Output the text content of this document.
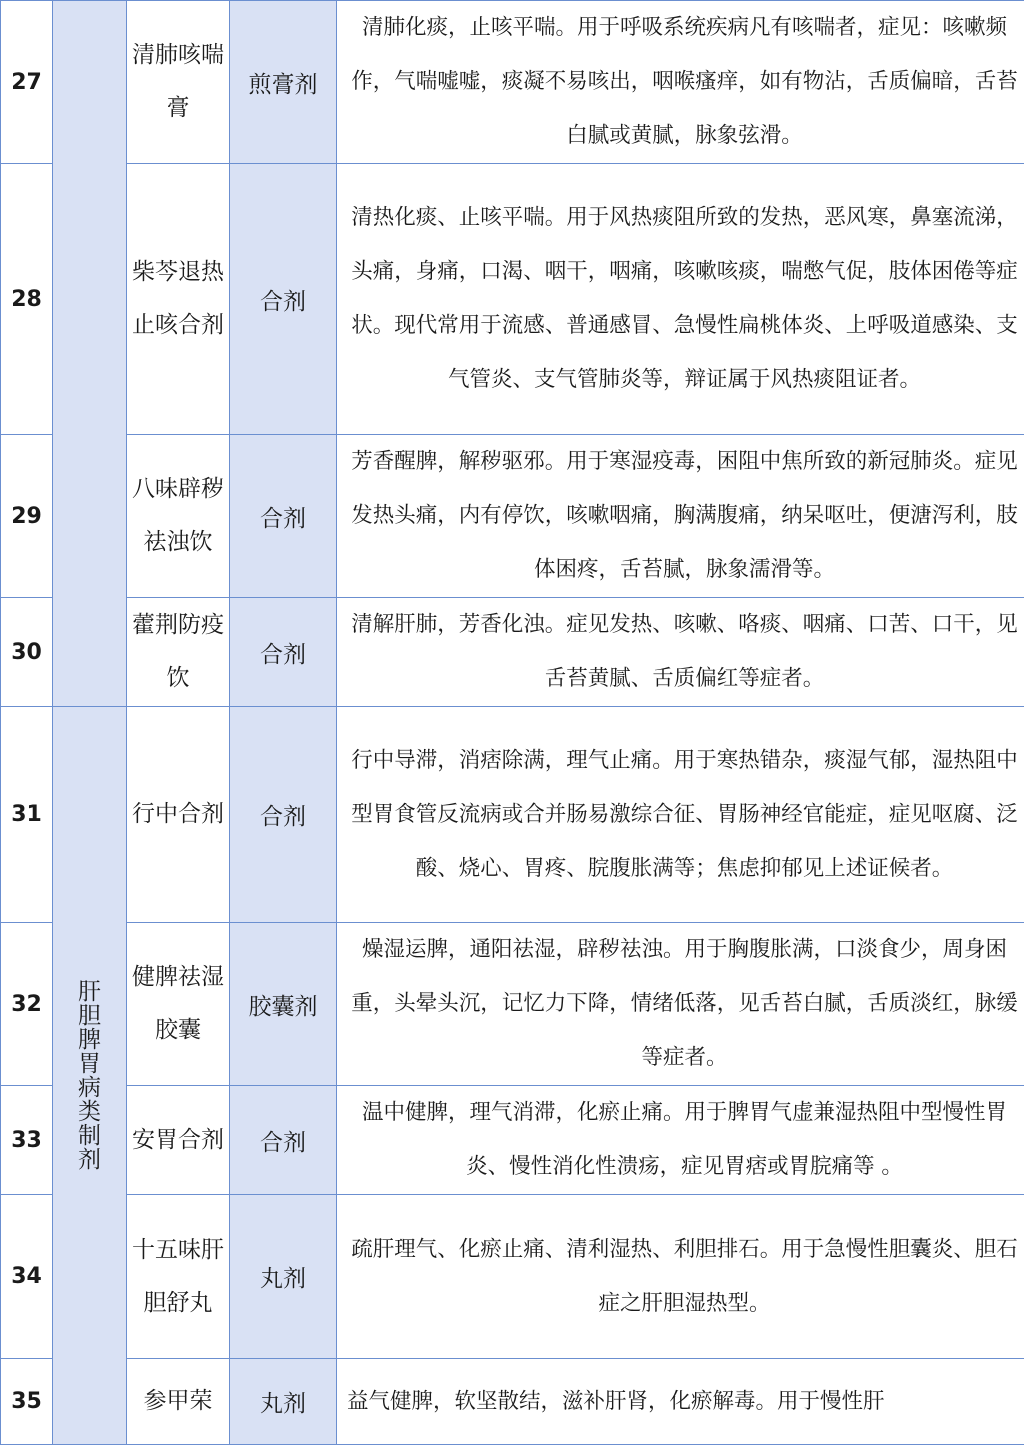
27		清肺咳喘膏	煎膏剂	清肺化痰，止咳平喘。用于呼吸系统疾病凡有咳喘者，症见：咳嗽频作，气喘嘘嘘，痰凝不易咳出，咽喉瘙痒，如有物沾，舌质偏暗，舌苔白腻或黄腻，脉象弦滑。
28		柴芩退热止咳合剂	合剂	清热化痰、止咳平喘。用于风热痰阻所致的发热，恶风寒，鼻塞流涕，头痛，身痛，口渴、咽干，咽痛，咳嗽咳痰，喘憋气促，肢体困倦等症状。现代常用于流感、普通感冒、急慢性扁桃体炎、上呼吸道感染、支气管炎、支气管肺炎等，辩证属于风热痰阻证者。
29		八味辟秽祛浊饮	合剂	芳香醒脾，解秽驱邪。用于寒湿疫毒，困阻中焦所致的新冠肺炎。症见发热头痛，内有停饮，咳嗽咽痛，胸满腹痛，纳呆呕吐，便溏泻利，肢体困疼，舌苔腻，脉象濡滑等。
30		藿荆防疫饮	合剂	清解肝肺，芳香化浊。症见发热、咳嗽、咯痰、咽痛、口苦、口干，见舌苔黄腻、舌质偏红等症者。
31	肝胆脾胃病类制剂	行中合剂	合剂	行中导滞，消痞除满，理气止痛。用于寒热错杂，痰湿气郁，湿热阻中型胃食管反流病或合并肠易激综合征、胃肠神经官能症，症见呕腐、泛酸、烧心、胃疼、脘腹胀满等；焦虑抑郁见上述证候者。
32		健脾祛湿胶囊	胶囊剂	燥湿运脾，通阳祛湿，辟秽祛浊。用于胸腹胀满，口淡食少，周身困重，头晕头沉，记忆力下降，情绪低落，见舌苔白腻，舌质淡红，脉缓等症者。
33		安胃合剂	合剂	温中健脾，理气消滞，化瘀止痛。用于脾胃气虚兼湿热阻中型慢性胃炎、慢性消化性溃疡，症见胃痞或胃脘痛等 。
34		十五味肝胆舒丸	丸剂	疏肝理气、化瘀止痛、清利湿热、利胆排石。用于急慢性胆囊炎、胆石症之肝胆湿热型。
35		参甲荣	丸剂	益气健脾，软坚散结，滋补肝肾，化瘀解毒。用于慢性肝
